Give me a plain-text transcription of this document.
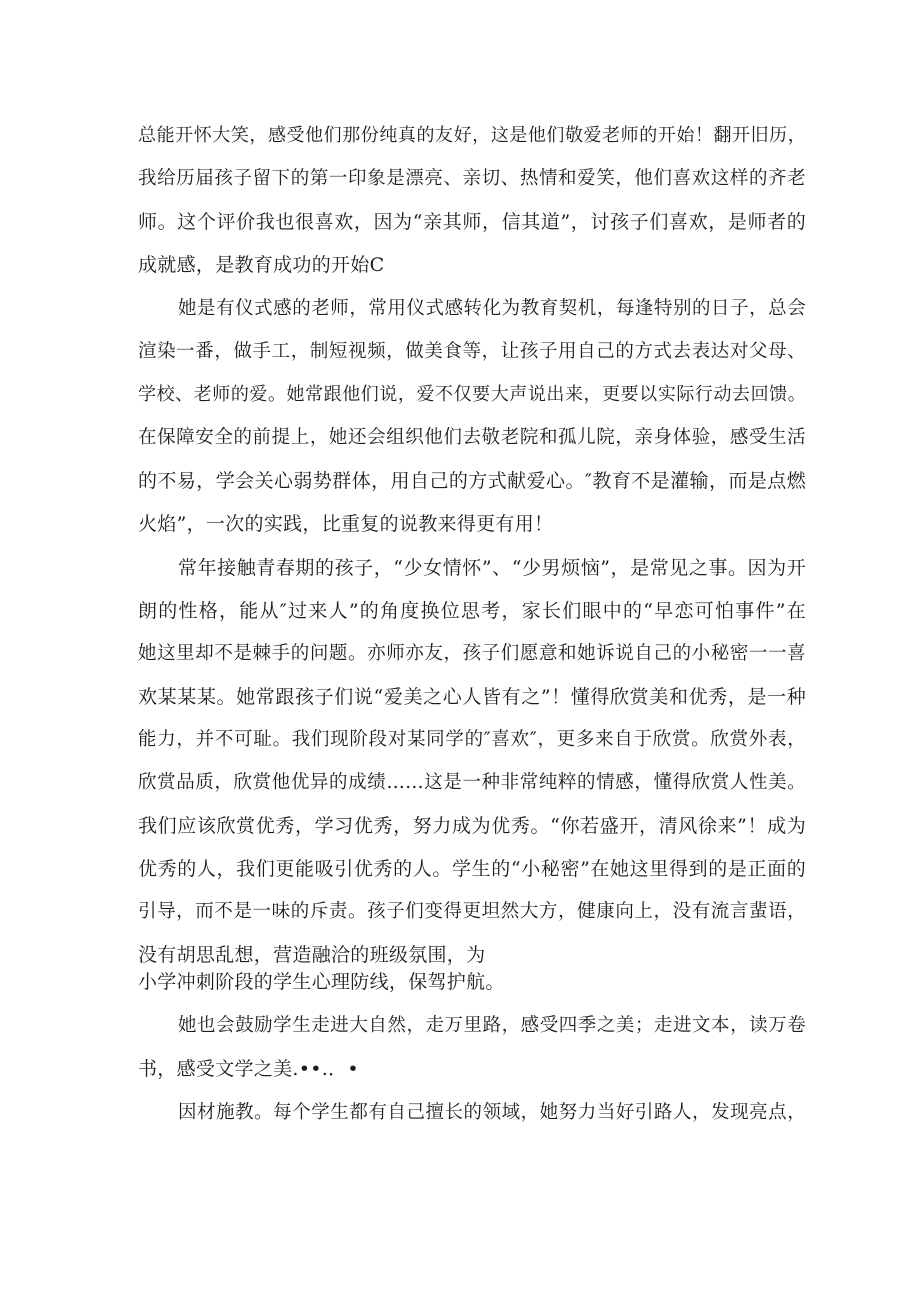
总能开怀大笑，感受他们那份纯真的友好，这是他们敬爱老师的开始！翻开旧历，
我给历届孩子留下的第一印象是漂亮、亲切、热情和爱笑，他们喜欢这样的齐老
师。这个评价我也很喜欢，因为“亲其师，信其道”，讨孩子们喜欢，是师者的
成就感，是教育成功的开始C
她是有仪式感的老师，常用仪式感转化为教育契机，每逢特别的日子，总会
渲染一番，做手工，制短视频，做美食等，让孩子用自己的方式去表达对父母、
学校、老师的爱。她常跟他们说，爱不仅要大声说出来，更要以实际行动去回馈。
在保障安全的前提上，她还会组织他们去敬老院和孤儿院，亲身体验，感受生活
的不易，学会关心弱势群体，用自己的方式献爱心。″教育不是灌输，而是点燃
火焰”，一次的实践，比重复的说教来得更有用！
常年接触青春期的孩子，“少女情怀”、“少男烦恼”，是常见之事。因为开
朗的性格，能从″过来人”的角度换位思考，家长们眼中的“早恋可怕事件”在
她这里却不是棘手的问题。亦师亦友，孩子们愿意和她诉说自己的小秘密一一喜
欢某某某。她常跟孩子们说“爱美之心人皆有之”！懂得欣赏美和优秀，是一种
能力，并不可耻。我们现阶段对某同学的″喜欢″，更多来自于欣赏。欣赏外表，
欣赏品质，欣赏他优异的成绩……这是一种非常纯粹的情感，懂得欣赏人性美。
我们应该欣赏优秀，学习优秀，努力成为优秀。“你若盛开，清风徐来”！成为
优秀的人，我们更能吸引优秀的人。学生的“小秘密”在她这里得到的是正面的
引导，而不是一味的斥责。孩子们变得更坦然大方，健康向上，没有流言蜚语，
没有胡思乱想，营造融洽的班级氛围，为
小学冲刺阶段的学生心理防线，保驾护航。
她也会鼓励学生走进大自然，走万里路，感受四季之美；走进文本，读万卷
书，感受文学之美.••.．•
因材施教。每个学生都有自己擅长的领域，她努力当好引路人，发现亮点，
